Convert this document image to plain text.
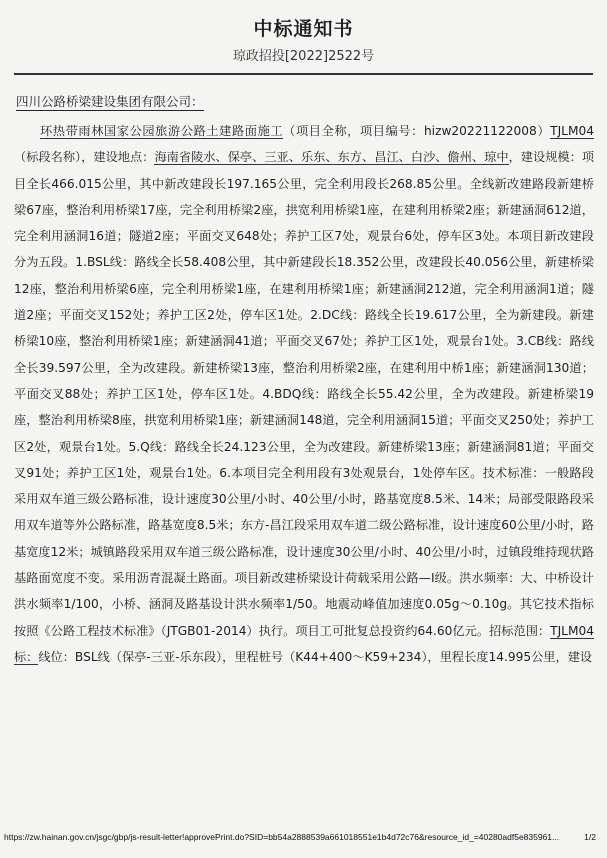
中标通知书
琼政招投[2022]2522号
四川公路桥梁建设集团有限公司：
环热带雨林国家公园旅游公路土建路面施工（项目全称，项目编号：hizw20221122008）TJLM04（标段名称），建设地点：海南省陵水、保亭、三亚、乐东、东方、昌江、白沙、儋州、琼中，建设规模：项目全长466.015公里，其中新改建段长197.165公里，完全利用段长268.85公里。全线新改建路段新建桥梁67座，整治利用桥梁17座，完全利用桥梁2座，拱宽利用桥梁1座，在建利用桥梁2座；新建涵洞612道，完全利用涵洞16道；隧道2座；平面交叉648处；养护工区7处，观景台6处，停车区3处。本项目新改建段分为五段。1.BSL线：路线全长58.408公里，其中新建段长18.352公里，改建段长40.056公里，新建桥梁12座，整治利用桥梁6座，完全利用桥梁1座，在建利用桥梁1座；新建涵洞212道，完全利用涵洞1道；隧道2座；平面交叉152处；养护工区2处，停车区1处。2.DC线：路线全长19.617公里，全为新建段。新建桥梁10座，整治利用桥梁1座；新建涵洞41道；平面交叉67处；养护工区1处，观景台1处。3.CB线：路线全长39.597公里，全为改建段。新建桥梁13座，整治利用桥梁2座，在建利用中桥1座；新建涵洞130道；平面交叉88处；养护工区1处，停车区1处。4.BDQ线：路线全长55.42公里，全为改建段。新建桥梁19座，整治利用桥梁8座，拱宽利用桥梁1座；新建涵洞148道，完全利用涵洞15道；平面交叉250处；养护工区2处，观景台1处。5.Q线：路线全长24.123公里，全为改建段。新建桥梁13座；新建涵洞81道；平面交叉91处；养护工区1处，观景台1处。6.本项目完全利用段有3处观景台，1处停车区。技术标准：一般路段采用双车道三级公路标准，设计速度30公里/小时、40公里/小时，路基宽度8.5米、14米；局部受限路段采用双车道等外公路标准，路基宽度8.5米；东方-昌江段采用双车道二级公路标准，设计速度60公里/小时，路基宽度12米；城镇路段采用双车道三级公路标准，设计速度30公里/小时、40公里/小时，过镇段维持现状路基路面宽度不变。采用沥青混凝土路面。项目新改建桥梁设计荷载采用公路—I级。洪水频率：大、中桥设计洪水频率1/100，小桥、涵洞及路基设计洪水频率1/50。地震动峰值加速度0.05g～0.10g。其它技术指标按照《公路工程技术标准》（JTGB01-2014）执行。项目工可批复总投资约64.60亿元。招标范围：TJLM04标：线位：BSL线（保亭-三亚-乐东段），里程桩号（K44+400～K59+234），里程长度14.995公里，建设
https://zw.hainan.gov.cn/jsgc/gbp/js-result-letter!approvePrint.do?SID=bb54a2888539a661018551e1b4d72c76&resource_id_=40280adf5e835961...	1/2
